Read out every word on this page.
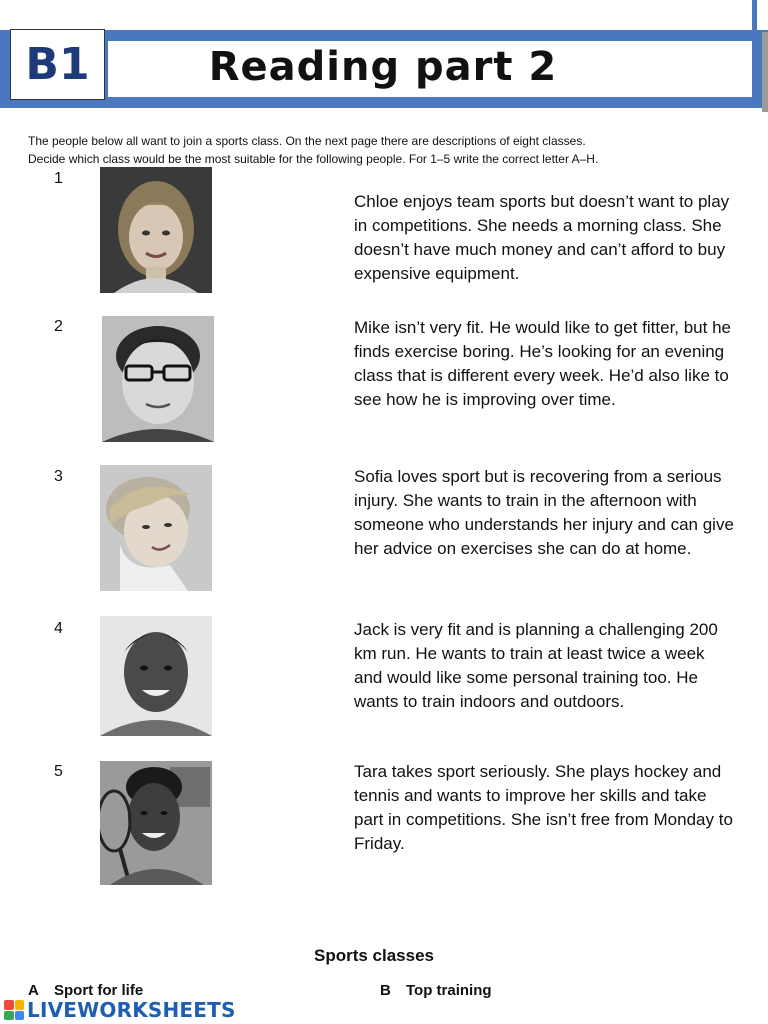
B1	Reading part 2
The people below all want to join a sports class. On the next page there are descriptions of eight classes.
Decide which class would be the most suitable for the following people. For 1–5 write the correct letter A–H.
1
Chloe enjoys team sports but doesn’t want to play in competitions. She needs a morning class. She doesn’t have much money and can’t afford to buy expensive equipment.
2	Mike isn’t very fit. He would like to get fitter, but he finds exercise boring. He’s looking for an evening class that is different every week. He’d also like to see how he is improving over time.
3	Sofia loves sport but is recovering from a serious injury. She wants to train in the afternoon with someone who understands her injury and can give her advice on exercises she can do at home.
4	Jack is very fit and is planning a challenging 200 km run. He wants to train at least twice a week and would like some personal training too. He wants to train indoors and outdoors.
5	Tara takes sport seriously. She plays hockey and tennis and wants to improve her skills and take part in competitions. She isn’t free from Monday to Friday.
Sports classes
A Sport for life	B Top training
LIVEWORKSHEETS
